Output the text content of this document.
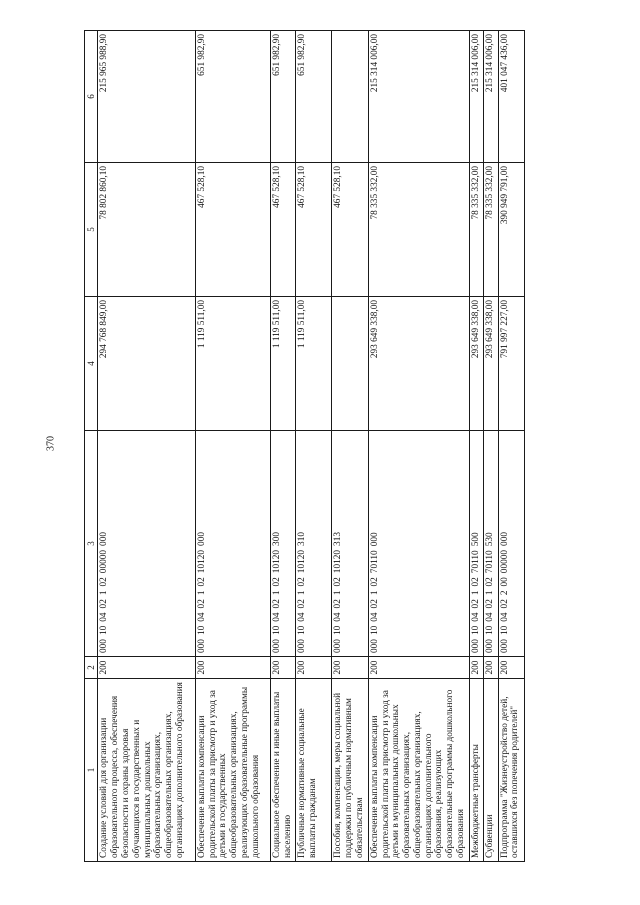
370
1	2	3	4	5	6
Создание условий для организации образовательного процесса, обеспечения безопасности и охраны здоровья обучающихся в государственных и муниципальных дошкольных образовательных организациях, общеобразовательных организациях, организациях дополнительного образования	200	00010040210200000000	294 768 849,00	78 802 860,10	215 965 988,90
Обеспечение выплаты компенсации родительской платы за присмотр и уход за детьми в государственных общеобразовательных организациях, реализующих образовательные программы дошкольного образования	200	00010040210210120000	1 119 511,00	467 528,10	651 982,90
Социальное обеспечение и иные выплаты населению	200	00010040210210120300	1 119 511,00	467 528,10	651 982,90
Публичные нормативные социальные выплаты гражданам	200	00010040210210120310	1 119 511,00	467 528,10	651 982,90
Пособия, компенсации, меры социальной поддержки по публичным нормативным обязательствам	200	00010040210210120313		467 528,10	
Обеспечение выплаты компенсации родительской платы за присмотр и уход за детьми в муниципальных дошкольных образовательных организациях, общеобразовательных организациях, организациях дополнительного образования, реализующих образовательные программы дошкольного образования	200	00010040210270110000	293 649 338,00	78 335 332,00	215 314 006,00
Межбюджетные трансферты	200	00010040210270110500	293 649 338,00	78 335 332,00	215 314 006,00
Субвенции	200	00010040210270110530	293 649 338,00	78 335 332,00	215 314 006,00
Подпрограмма "Жизнеустройство детей, оставшихся без попечения родителей"	200	00010040220000000000	791 997 227,00	390 949 791,00	401 047 436,00
